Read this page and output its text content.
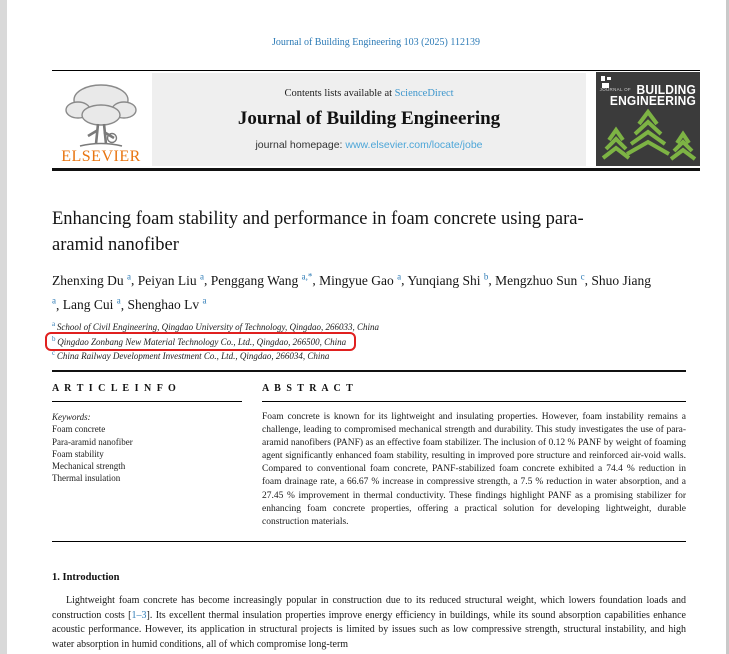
Journal of Building Engineering 103 (2025) 112139
ELSEVIER
Contents lists available at ScienceDirect
Journal of Building Engineering
journal homepage: www.elsevier.com/locate/jobe
JOURNAL OF BUILDING
ENGINEERING
Enhancing foam stability and performance in foam concrete using para-aramid nanofiber
Zhenxing Du $^a$, Peiyan Liu $^a$, Penggang Wang $^{a,*}$, Mingyue Gao $^a$, Yunqiang Shi $^b$, Mengzhuo Sun $^c$, Shuo Jiang $^a$, Lang Cui $^a$, Shenghao Lv $^a$
$^a$ School of Civil Engineering, Qingdao University of Technology, Qingdao, 266033, China
$^b$ Qingdao Zonbang New Material Technology Co., Ltd., Qingdao, 266500, China
$^c$ China Railway Development Investment Co., Ltd., Qingdao, 266034, China
A R T I C L E I N F O
Keywords:
Foam concrete
Para-aramid nanofiber
Foam stability
Mechanical strength
Thermal insulation
A B S T R A C T

Foam concrete is known for its lightweight and insulating properties. However, foam instability remains a challenge, leading to compromised mechanical strength and durability. This study investigates the use of para-aramid nanofibers (PANF) as an effective foam stabilizer. The inclusion of 0.12 % PANF by weight of foaming agent significantly enhanced foam stability, resulting in improved pore structure and reinforced air-void walls. Compared to conventional foam concrete, PANF-stabilized foam concrete exhibited a 74.4 % reduction in foam drainage rate, a 66.67 % increase in compressive strength, a 7.5 % reduction in water absorption, and a 27.45 % improvement in thermal conductivity. These findings highlight PANF as a promising stabilizer for enhancing foam concrete properties, offering a practical solution for developing lightweight, durable construction materials.

1. Introduction

Lightweight foam concrete has become increasingly popular in construction due to its reduced structural weight, which lowers foundation loads and construction costs [1–3]. Its excellent thermal insulation properties improve energy efficiency in buildings, while its sound absorption capabilities enhance acoustic performance. However, its application in structural projects is limited by issues such as low compressive strength, structural instability, and high water absorption in humid conditions, all of which compromise long-term
